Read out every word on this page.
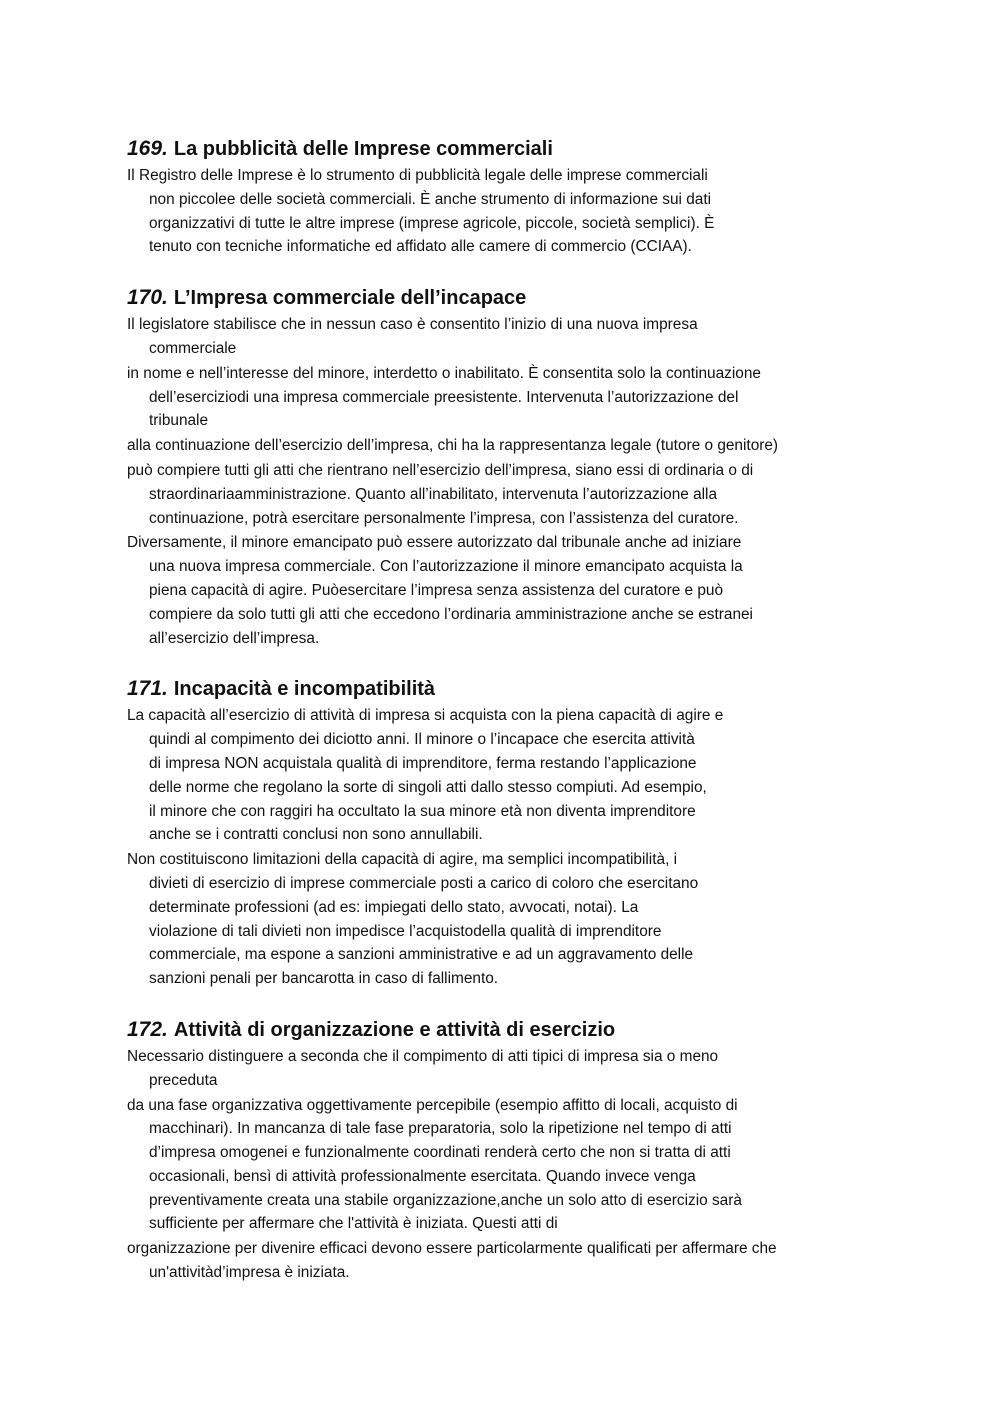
169. La pubblicità delle Imprese commerciali

Il Registro delle Imprese è lo strumento di pubblicità legale delle imprese commerciali
non piccolee delle società commerciali. È anche strumento di informazione sui dati
organizzativi di tutte le altre imprese (imprese agricole, piccole, società semplici). È
tenuto con tecniche informatiche ed affidato alle camere di commercio (CCIAA).

170. L’Impresa commerciale dell’incapace

Il legislatore stabilisce che in nessun caso è consentito l’inizio di una nuova impresa
commerciale

in nome e nell’interesse del minore, interdetto o inabilitato. È consentita solo la continuazione
dell’esercizio​di una impresa commerciale preesistente. Intervenuta l’autorizzazione del
tribunale

alla continuazione dell’esercizio dell’impresa, chi ha la rappresentanza legale (tutore o genitore)

può compiere tutti gli atti che rientrano nell’esercizio dell’impresa, siano essi di ordinaria o di
straordinariaamministrazione. Quanto all’inabilitato, intervenuta l’autorizzazione alla
continuazione, potrà esercitare personalmente l’impresa, con l’assistenza del curatore.

Diversamente, il minore emancipato può essere autorizzato dal tribunale anche ad iniziare
una nuova impresa commerciale. Con l’autorizzazione il minore emancipato acquista la
piena capacità di agire. Puòesercitare l’impresa senza assistenza del curatore e può
compiere da solo tutti gli atti che eccedono l’ordinaria amministrazione anche se estranei
all’esercizio dell’impresa.

171. Incapacità e incompatibilità

La capacità all’esercizio di attività di impresa si acquista con la piena capacità di agire e
quindi al compimento dei diciotto anni. Il minore o l’incapace che esercita attività
di impresa NON acquistala qualità di imprenditore, ferma restando l’applicazione
delle norme che regolano la sorte di singoli atti dallo stesso compiuti. Ad esempio,
il minore che con raggiri ha occultato la sua minore età non diventa imprenditore
anche se i contratti conclusi non sono annullabili.

Non costituiscono limitazioni della capacità di agire, ma semplici incompatibilità, i
divieti di esercizio di imprese commerciale posti a carico di coloro che esercitano
determinate professioni (ad es: impiegati dello stato, avvocati, notai). La
violazione di tali divieti non impedisce l’acquistodella qualità di imprenditore
commerciale, ma espone a sanzioni amministrative e ad un aggravamento delle
sanzioni penali per bancarotta in caso di fallimento.

172. Attività di organizzazione e attività di esercizio

Necessario distinguere a seconda che il compimento di atti tipici di impresa sia o meno
preceduta

da una fase organizzativa oggettivamente percepibile (esempio affitto di locali, acquisto di
macchinari). In mancanza di tale fase preparatoria, solo la ripetizione nel tempo di atti
d’impresa omogenei e funzionalmente coordinati renderà certo che non si tratta di atti
occasionali, bensì di attività professionalmente esercitata. Quando invece venga
preventivamente creata una stabile organizzazione,anche un solo atto di esercizio sarà
sufficiente per affermare che l'attività è iniziata. Questi atti di

organizzazione per divenire efficaci devono essere particolarmente qualificati per affermare che
un'attivitàd’impresa è iniziata.
